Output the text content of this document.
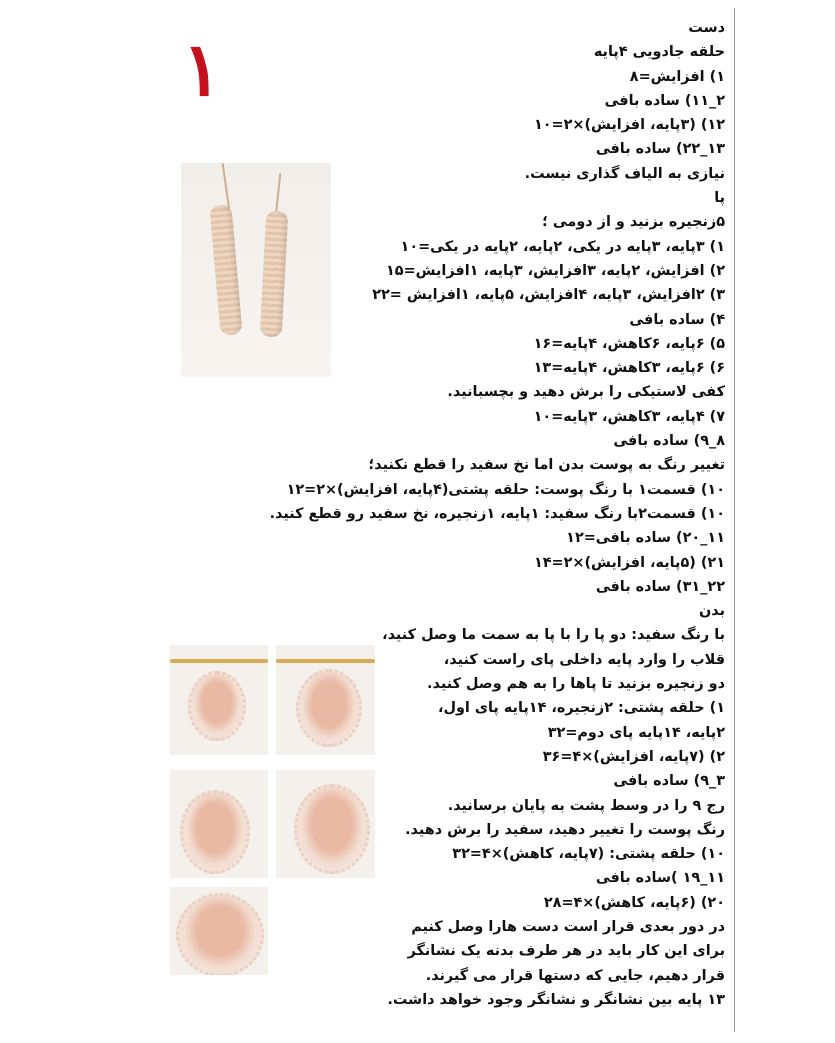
۱	دست
حلقه جادویی ۴پایه
۱) افزایش=۸
۲_۱۱) ساده بافی
۱۲) (۳پایه، افزایش)×۲=۱۰
۱۳_۲۲) ساده بافی
نیازی به الیاف گذاری نیست.
پا
۵زنجیره بزنید و از دومی ؛
۱) ۳پایه، ۳پایه در یکی، ۲پایه، ۲پایه در یکی=۱۰
۲) افزایش، ۲پایه، ۳افزایش، ۳پایه، ۱افزایش=۱۵
۳) ۲افزایش، ۳پایه، ۴افزایش، ۵پایه، ۱افزایش =۲۲
۴) ساده بافی
۵) ۶پایه، ۶کاهش، ۴پایه=۱۶
۶) ۶پایه، ۳کاهش، ۴پایه=۱۳
کفی لاستیکی را برش دهید و بچسبانید.
۷) ۴پایه، ۳کاهش، ۳پایه=۱۰
۸_۹) ساده بافی
تغییر رنگ به پوست بدن اما نخ سفید را قطع نکنید؛
۱۰) قسمت۱ با رنگ پوست: حلقه پشتی(۴پایه، افزایش)×۲=۱۲
۱۰) قسمت۲با رنگ سفید: ۱پایه، ۱زنجیره، نخ سفید رو قطع کنید.
۱۱_۲۰) ساده بافی=۱۲
۲۱) (۵پایه، افزایش)×۲=۱۴
۲۲_۳۱) ساده بافی
بدن
با رنگ سفید: دو پا را با پا به سمت ما وصل کنید،
قلاب را وارد پایه داخلی پای راست کنید،
دو زنجیره بزنید تا پاها را به هم وصل کنید.
۱) حلقه پشتی: ۲زنجیره، ۱۴پایه پای اول،
۲پایه، ۱۴پایه پای دوم=۳۲
۲) (۷پایه، افزایش)×۴=۳۶
۳_۹) ساده بافی
رج ۹ را در وسط پشت به پایان برسانید.
رنگ پوست را تغییر دهید، سفید را برش دهید.
۱۰) حلقه پشتی: (۷پایه، کاهش)×۴=۳۲
۱۱_۱۹ )ساده بافی
۲۰) (۶پایه، کاهش)×۴=۲۸
در دور بعدی قرار است دست هارا وصل کنیم
برای این کار باید در هر طرف بدنه یک نشانگر
قرار دهیم، جایی که دستها قرار می گیرند.
۱۳ پایه بین نشانگر و نشانگر وجود خواهد داشت.
